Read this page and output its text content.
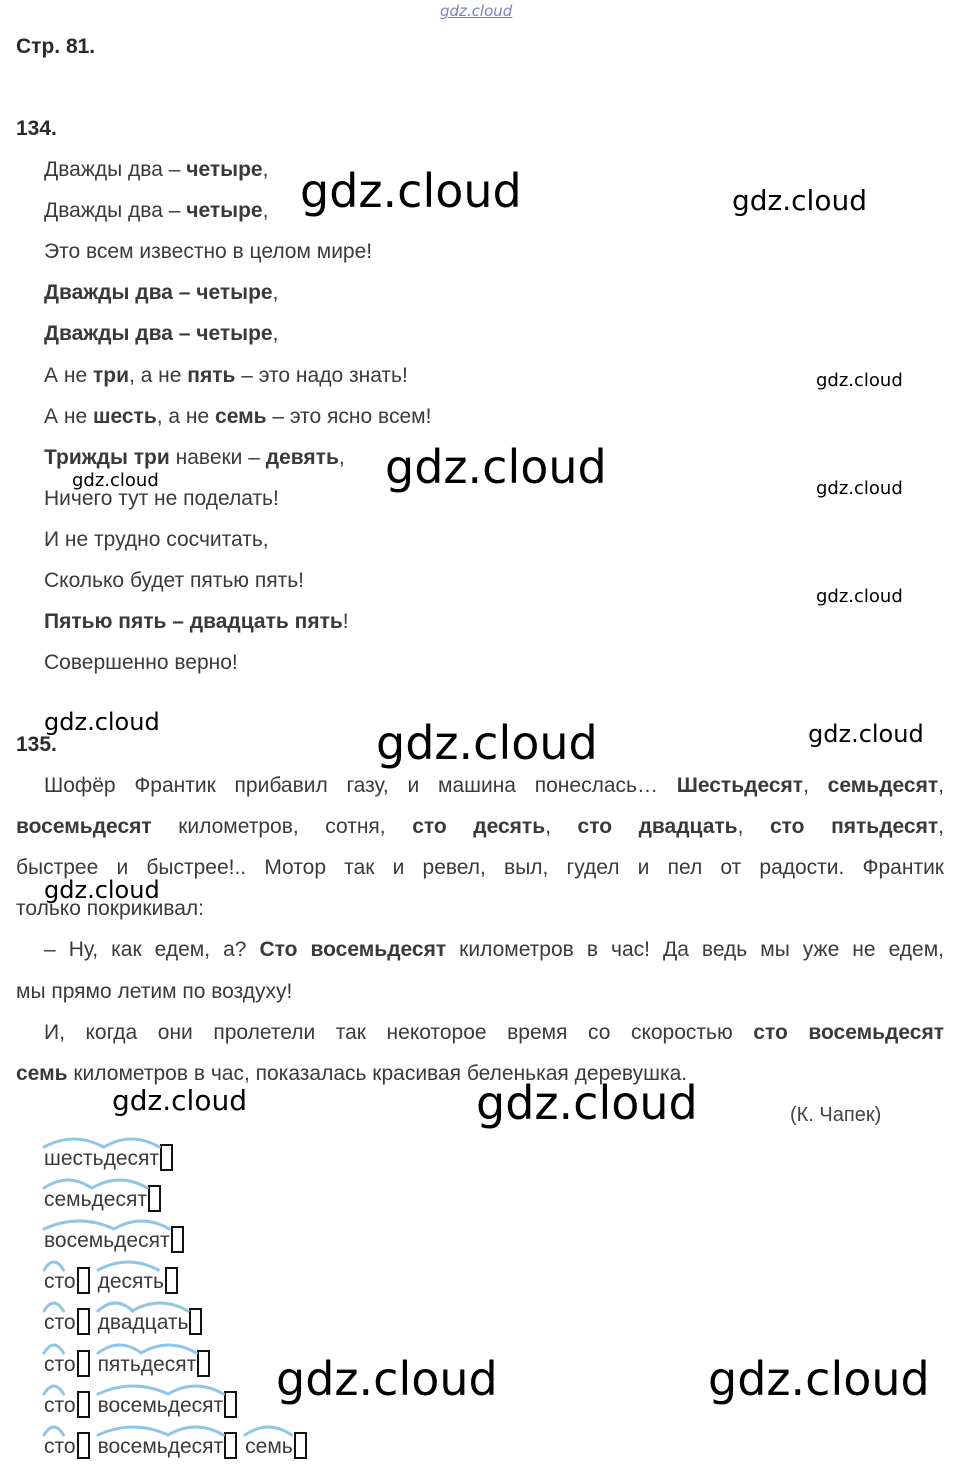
gdz.cloud
Стр. 81.
134.
Дважды два – четыре,
Дважды два – четыре,
Это всем известно в целом мире!
Дважды два – четыре,
Дважды два – четыре,
А не три, а не пять – это надо знать!
А не шесть, а не семь – это ясно всем!
Трижды три навеки – девять,
Ничего тут не поделать!
И не трудно сосчитать,
Сколько будет пятью пять!
Пятью пять – двадцать пять!
Совершенно верно!
135.
Шофёр Франтик прибавил газу, и машина понеслась… Шестьдесят, семьдесят,
восемьдесят километров, сотня, сто десять, сто двадцать, сто пятьдесят,
быстрее и быстрее!.. Мотор так и ревел, выл, гудел и пел от радости. Франтик
только покрикивал:
– Ну, как едем, а? Сто восемьдесят километров в час! Да ведь мы уже не едем,
мы прямо летим по воздуху!
И, когда они пролетели так некоторое время со скоростью сто восемьдесят
семь километров в час, показалась красивая беленькая деревушка.
(К. Чапек)
шестьдесят
семьдесят
восемьдесят
сто	десять
сто	двадцать
сто	пятьдесят
сто	восемьдесят
сто	восемьдесят	семь
gdz.cloud	gdz.cloud
gdz.cloud
gdz.cloud
gdz.cloud	gdz.cloud
gdz.cloud
gdz.cloud	gdz.cloud	gdz.cloud
gdz.cloud
gdz.cloud	gdz.cloud
gdz.cloud	gdz.cloud
